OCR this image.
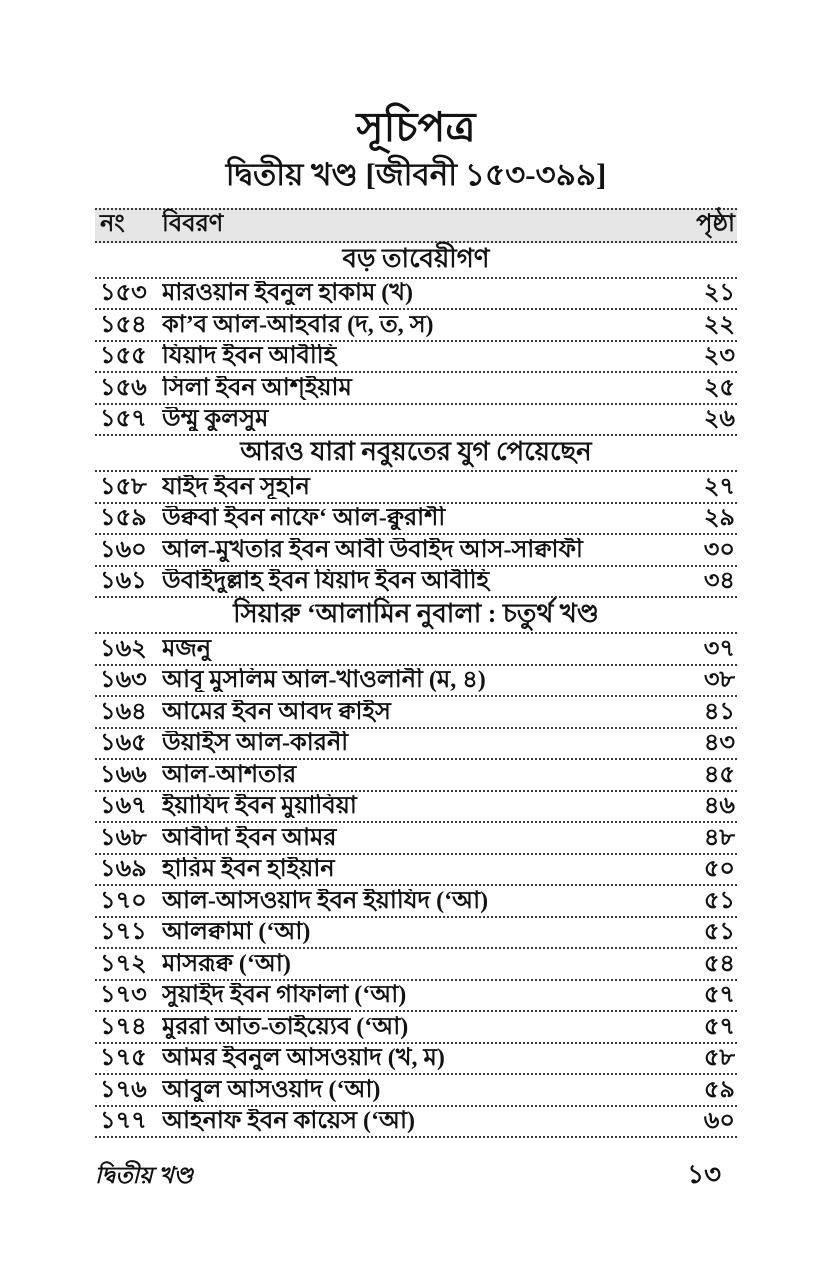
সূচিপত্র
দ্বিতীয় খণ্ড [জীবনী ১৫৩-৩৯৯]
নং	বিবরণ	পৃষ্ঠা
বড় তাবেয়ীগণ
১৫৩ মারওয়ান ইবনুল হাকাম (খ)	২১
১৫৪ কা’ব আল-আহবার (দ, ত, স)	২২
১৫৫ যিয়াদ ইবন আবীহি	২৩
১৫৬ সিলা ইবন আশ্‌ইয়াম	২৫
১৫৭ উম্মু কুলসুম	২৬
আরও যারা নবুয়তের যুগ পেয়েছেন
১৫৮ যাইদ ইবন সূহান	২৭
১৫৯ উক্ববা ইবন নাফে‘ আল-ক্বুরাশী	২৯
১৬০ আল-মুখতার ইবন আবী উবাইদ আস-সাক্বাফী	৩০
১৬১ উবাইদুল্লাহ ইবন যিয়াদ ইবন আবীহি	৩৪
সিয়ারু ‘আলামিন নুবালা : চতুর্থ খণ্ড
১৬২ মজনু	৩৭
১৬৩ আবূ মুসলিম আল-খাওলানী (ম, ৪)	৩৮
১৬৪ আমের ইবন আবদ ক্বাইস	৪১
১৬৫ উয়াইস আল-কারনী	৪৩
১৬৬ আল-আশতার	৪৫
১৬৭ ইয়াযিদ ইবন মুয়াবিয়া	৪৬
১৬৮ আবীদা ইবন আমর	৪৮
১৬৯ হারিম ইবন হাইয়ান	৫০
১৭০ আল-আসওয়াদ ইবন ইয়াযিদ (‘আ)	৫১
১৭১ আলক্বামা (‘আ)	৫১
১৭২ মাসরূক্ব (‘আ)	৫৪
১৭৩ সুয়াইদ ইবন গাফালা (‘আ)	৫৭
১৭৪ মুররা আত-তাইয়্যেব (‘আ)	৫৭
১৭৫ আমর ইবনুল আসওয়াদ (খ, ম)	৫৮
১৭৬ আবুল আসওয়াদ (‘আ)	৫৯
১৭৭ আহনাফ ইবন কায়েস (‘আ)	৬০
দ্বিতীয় খণ্ড	১৩
